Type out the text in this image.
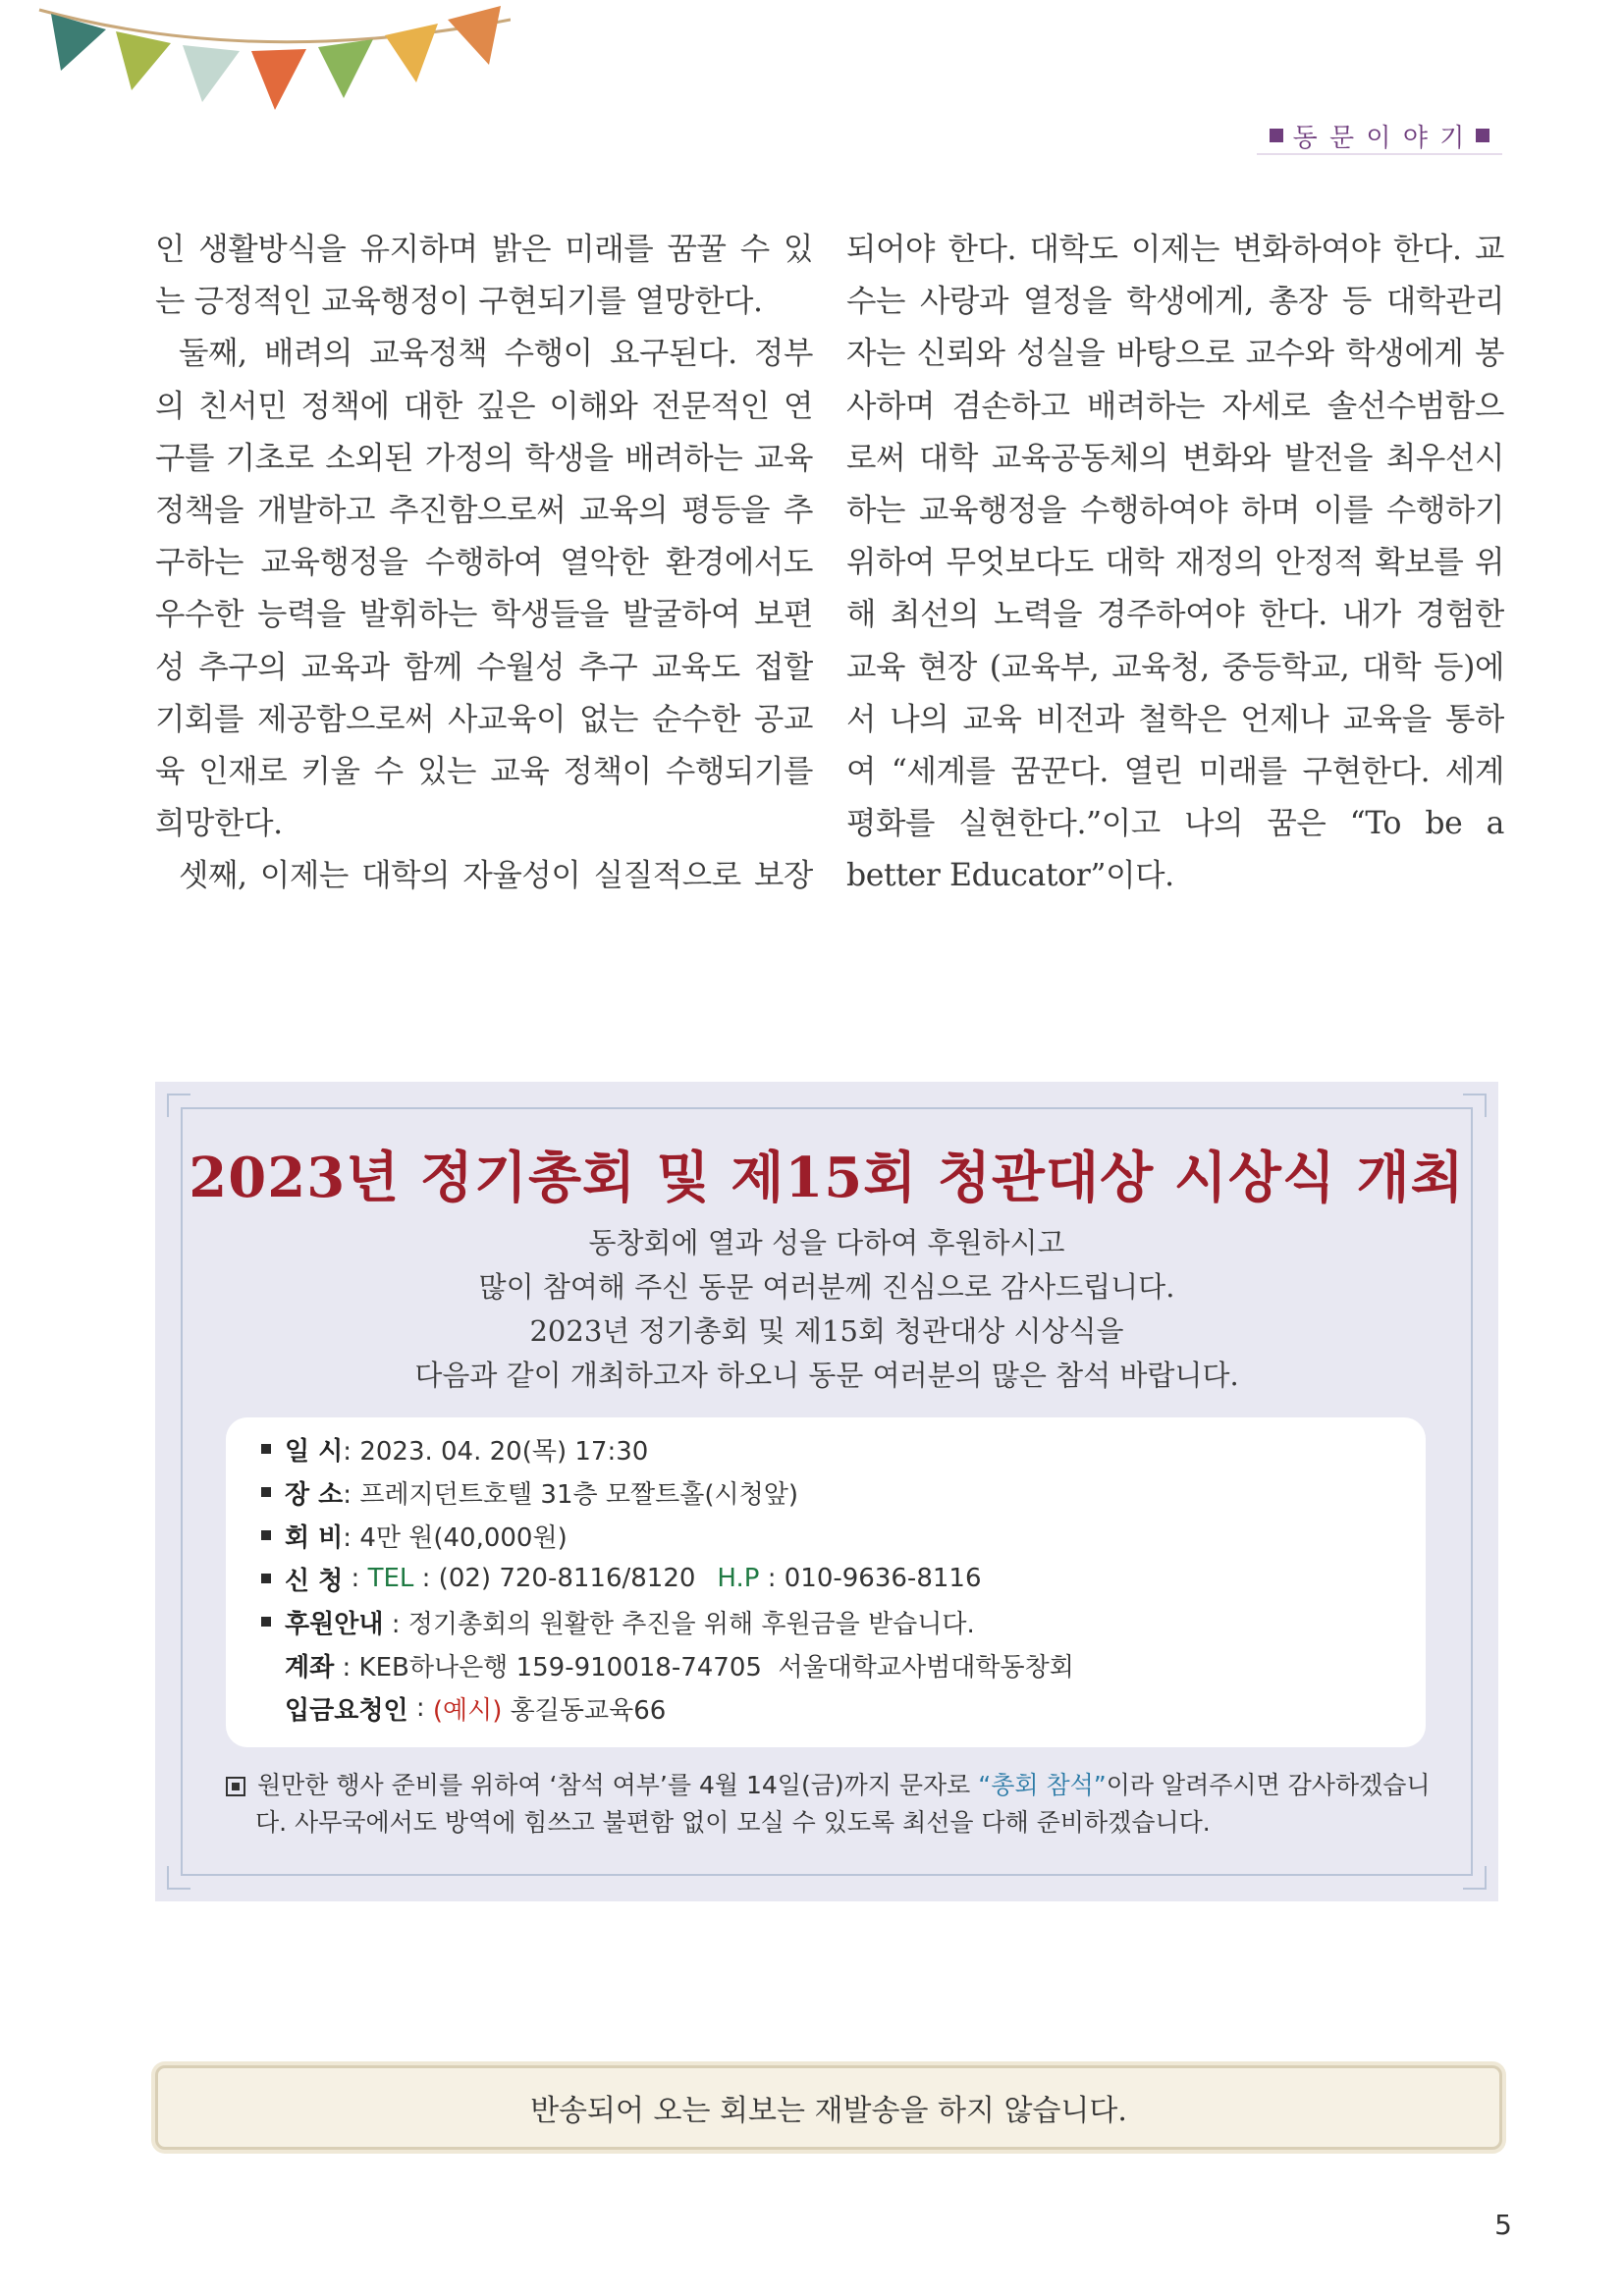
동 문 이 야 기
인 생활방식을 유지하며 밝은 미래를 꿈꿀 수 있
는 긍정적인 교육행정이 구현되기를 열망한다.
둘째, 배려의 교육정책 수행이 요구된다. 정부
의 친서민 정책에 대한 깊은 이해와 전문적인 연
구를 기초로 소외된 가정의 학생을 배려하는 교육
정책을 개발하고 추진함으로써 교육의 평등을 추
구하는 교육행정을 수행하여 열악한 환경에서도
우수한 능력을 발휘하는 학생들을 발굴하여 보편
성 추구의 교육과 함께 수월성 추구 교육도 접할
기회를 제공함으로써 사교육이 없는 순수한 공교
육 인재로 키울 수 있는 교육 정책이 수행되기를
희망한다.
셋째, 이제는 대학의 자율성이 실질적으로 보장
되어야 한다. 대학도 이제는 변화하여야 한다. 교
수는 사랑과 열정을 학생에게, 총장 등 대학관리
자는 신뢰와 성실을 바탕으로 교수와 학생에게 봉
사하며 겸손하고 배려하는 자세로 솔선수범함으
로써 대학 교육공동체의 변화와 발전을 최우선시
하는 교육행정을 수행하여야 하며 이를 수행하기
위하여 무엇보다도 대학 재정의 안정적 확보를 위
해 최선의 노력을 경주하여야 한다. 내가 경험한
교육 현장 (교육부, 교육청, 중등학교, 대학 등)에
서 나의 교육 비전과 철학은 언제나 교육을 통하
여 “세계를 꿈꾼다. 열린 미래를 구현한다. 세계
평화를 실현한다.”이고 나의 꿈은 “To be a
better Educator”이다.
2023년 정기총회 및 제15회 청관대상 시상식 개최
동창회에 열과 성을 다하여 후원하시고
많이 참여해 주신 동문 여러분께 진심으로 감사드립니다.
2023년 정기총회 및 제15회 청관대상 시상식을
다음과 같이 개최하고자 하오니 동문 여러분의 많은 참석 바랍니다.
일 시 : 2023. 04. 20(목) 17:30
장 소 : 프레지던트호텔 31층 모짤트홀(시청앞)
회 비 : 4만 원(40,000원)
신 청 : TEL : (02) 720-8116/8120 H.P : 010-9636-8116
후원안내 : 정기총회의 원활한 추진을 위해 후원금을 받습니다.
계좌 : KEB하나은행 159-910018-74705  서울대학교사범대학동창회
입금요청인 : (예시) 홍길동교육66
원만한 행사 준비를 위하여 ‘참석 여부’를 4월 14일(금)까지 문자로 “총회 참석”이라 알려주시면 감사하겠습니
다. 사무국에서도 방역에 힘쓰고 불편함 없이 모실 수 있도록 최선을 다해 준비하겠습니다.
반송되어 오는 회보는 재발송을 하지 않습니다.
5
